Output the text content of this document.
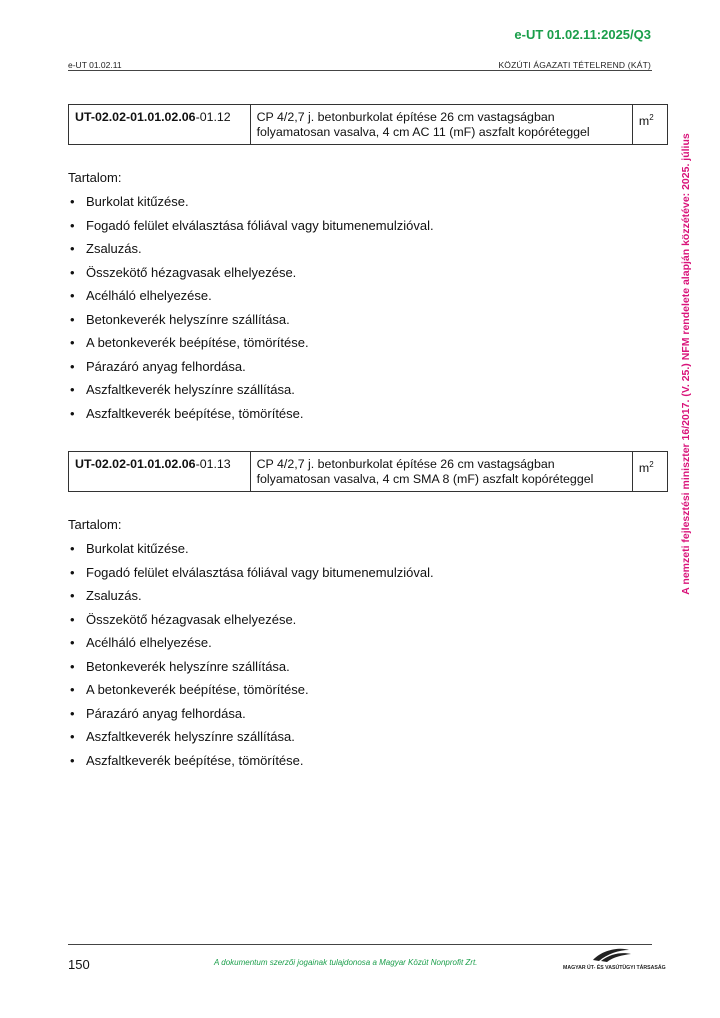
e-UT 01.02.11:2025/Q3
e-UT 01.02.11	KÖZÚTI ÁGAZATI TÉTELREND (KÁT)
A nemzeti fejlesztési miniszter 16/2017. (V. 25.) NFM rendelete alapján közzétéve: 2025. július
UT-02.02-01.01.02.06-01.12	CP 4/2,7 j. betonburkolat építése 26 cm vastagságban folyamatosan vasalva, 4 cm AC 11 (mF) aszfalt kopóréteggel	$m^2$
Tartalom:
• Burkolat kitűzése.
• Fogadó felület elválasztása fóliával vagy bitumenemulzióval.
• Zsaluzás.
• Összekötő hézagvasak elhelyezése.
• Acélháló elhelyezése.
• Betonkeverék helyszínre szállítása.
• A betonkeverék beépítése, tömörítése.
• Párazáró anyag felhordása.
• Aszfaltkeverék helyszínre szállítása.
• Aszfaltkeverék beépítése, tömörítése.
UT-02.02-01.01.02.06-01.13	CP 4/2,7 j. betonburkolat építése 26 cm vastagságban folyamatosan vasalva, 4 cm SMA 8 (mF) aszfalt kopóréteggel	$m^2$
Tartalom:
• Burkolat kitűzése.
• Fogadó felület elválasztása fóliával vagy bitumenemulzióval.
• Zsaluzás.
• Összekötő hézagvasak elhelyezése.
• Acélháló elhelyezése.
• Betonkeverék helyszínre szállítása.
• A betonkeverék beépítése, tömörítése.
• Párazáró anyag felhordása.
• Aszfaltkeverék helyszínre szállítása.
• Aszfaltkeverék beépítése, tömörítése.
150	A dokumentum szerzői jogainak tulajdonosa a Magyar Közút Nonprofit Zrt.
MAGYAR ÚT- ÉS VASÚTÜGYI TÁRSASÁG
